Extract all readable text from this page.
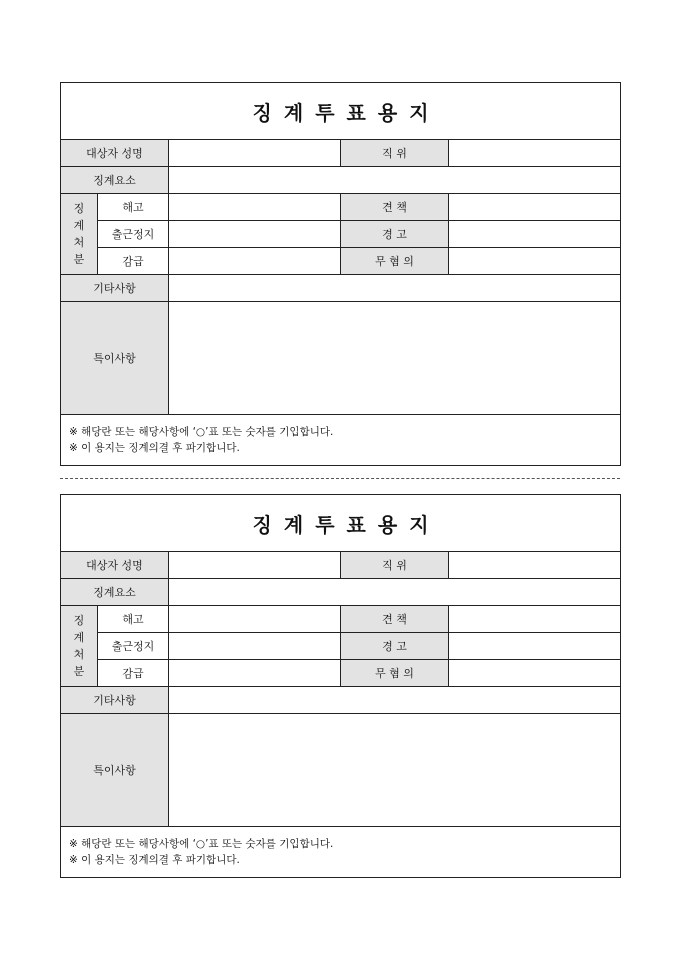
징 계 투 표 용 지				
대상자 성명			직 위	
징계요소				
징
계
처
분	해고		견 책	
	출근정지		경 고	
	감급		무 혐 의	
기타사항				
특이사항				

※ 해당란 또는 해당사항에 ‘○’표 또는 숫자를 기입합니다.
※ 이 용지는 징계의결 후 파기합니다.				
징 계 투 표 용 지				
대상자 성명			직 위	
징계요소				
징
계
처
분	해고		견 책	
	출근정지		경 고	
	감급		무 혐 의	
기타사항				
특이사항				

※ 해당란 또는 해당사항에 ‘○’표 또는 숫자를 기입합니다.
※ 이 용지는 징계의결 후 파기합니다.				
